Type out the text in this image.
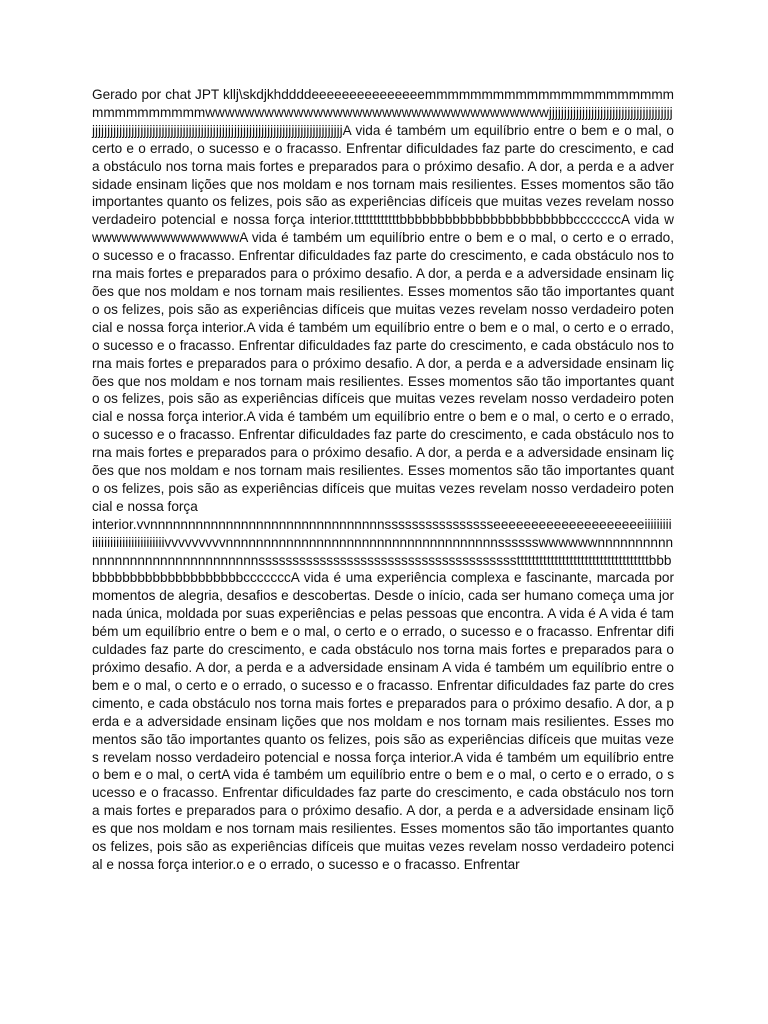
Gerado por chat JPT kllj\skdjkhddddeeeeeeeeeeeeeeemmmmmmmmmmmmmmmmmmmmmmmmmmmmmmmmwwwwwwwwwwwwwwwwwwwwwwwwwwwwwwwwwwwjjjjjjjjjjjjjjjjjjjjjjjjjjjjjjjjjjjjjjjjjjjjjjjjjjjjjjjjjjjjjjjjjjjjjjjjjjjjjjjjjjjjjjjjjjjjjjjjjjjjjjjjjjjjjjjjjjjjjjjjjjjjA vida é também um equilíbrio entre o bem e o mal, o certo e o errado, o sucesso e o fracasso. Enfrentar dificuldades faz parte do crescimento, e cada obstáculo nos torna mais fortes e preparados para o próximo desafio. A dor, a perda e a adversidade ensinam lições que nos moldam e nos tornam mais resilientes. Esses momentos são tão importantes quanto os felizes, pois são as experiências difíceis que muitas vezes revelam nosso verdadeiro potencial e nossa força interior.ttttttttttttbbbbbbbbbbbbbbbbbbbbbbbcccccccA vida wwwwwwwwwwwwwwwwA vida é também um equilíbrio entre o bem e o mal, o certo e o errado, o sucesso e o fracasso. Enfrentar dificuldades faz parte do crescimento, e cada obstáculo nos torna mais fortes e preparados para o próximo desafio. A dor, a perda e a adversidade ensinam lições que nos moldam e nos tornam mais resilientes. Esses momentos são tão importantes quanto os felizes, pois são as experiências difíceis que muitas vezes revelam nosso verdadeiro potencial e nossa força interior.A vida é também um equilíbrio entre o bem e o mal, o certo e o errado, o sucesso e o fracasso. Enfrentar dificuldades faz parte do crescimento, e cada obstáculo nos torna mais fortes e preparados para o próximo desafio. A dor, a perda e a adversidade ensinam lições que nos moldam e nos tornam mais resilientes. Esses momentos são tão importantes quanto os felizes, pois são as experiências difíceis que muitas vezes revelam nosso verdadeiro potencial e nossa força interior.A vida é também um equilíbrio entre o bem e o mal, o certo e o errado, o sucesso e o fracasso. Enfrentar dificuldades faz parte do crescimento, e cada obstáculo nos torna mais fortes e preparados para o próximo desafio. A dor, a perda e a adversidade ensinam lições que nos moldam e nos tornam mais resilientes. Esses momentos são tão importantes quanto os felizes, pois são as experiências difíceis que muitas vezes revelam nosso verdadeiro potencial e nossa força

interior.vvnnnnnnnnnnnnnnnnnnnnnnnnnnnnnnnsssssssssssssssseeeeeeeeeeeeeeeeeeeeiiiiiiiiiiiiiiiiiiiiiiiiiiiiiiiiivvvvvvvvvnnnnnnnnnnnnnnnnnnnnnnnnnnnnnnnnnnnnsssssswwwwwwnnnnnnnnnnnnnnnnnnnnnnnnnnnnnnnnsssssssssssssssssssssssssssssssssssssstttttttttttttttttttttttttttttttttttbbbbbbbbbbbbbbbbbbbbbbbcccccccA vida é uma experiência complexa e fascinante, marcada por momentos de alegria, desafios e descobertas. Desde o início, cada ser humano começa uma jornada única, moldada por suas experiências e pelas pessoas que encontra. A vida é A vida é também um equilíbrio entre o bem e o mal, o certo e o errado, o sucesso e o fracasso. Enfrentar dificuldades faz parte do crescimento, e cada obstáculo nos torna mais fortes e preparados para o próximo desafio. A dor, a perda e a adversidade ensinam A vida é também um equilíbrio entre o bem e o mal, o certo e o errado, o sucesso e o fracasso. Enfrentar dificuldades faz parte do crescimento, e cada obstáculo nos torna mais fortes e preparados para o próximo desafio. A dor, a perda e a adversidade ensinam lições que nos moldam e nos tornam mais resilientes. Esses momentos são tão importantes quanto os felizes, pois são as experiências difíceis que muitas vezes revelam nosso verdadeiro potencial e nossa força interior.A vida é também um equilíbrio entre o bem e o mal, o certA vida é também um equilíbrio entre o bem e o mal, o certo e o errado, o sucesso e o fracasso. Enfrentar dificuldades faz parte do crescimento, e cada obstáculo nos torna mais fortes e preparados para o próximo desafio. A dor, a perda e a adversidade ensinam lições que nos moldam e nos tornam mais resilientes. Esses momentos são tão importantes quanto os felizes, pois são as experiências difíceis que muitas vezes revelam nosso verdadeiro potencial e nossa força interior.o e o errado, o sucesso e o fracasso. Enfrentar
